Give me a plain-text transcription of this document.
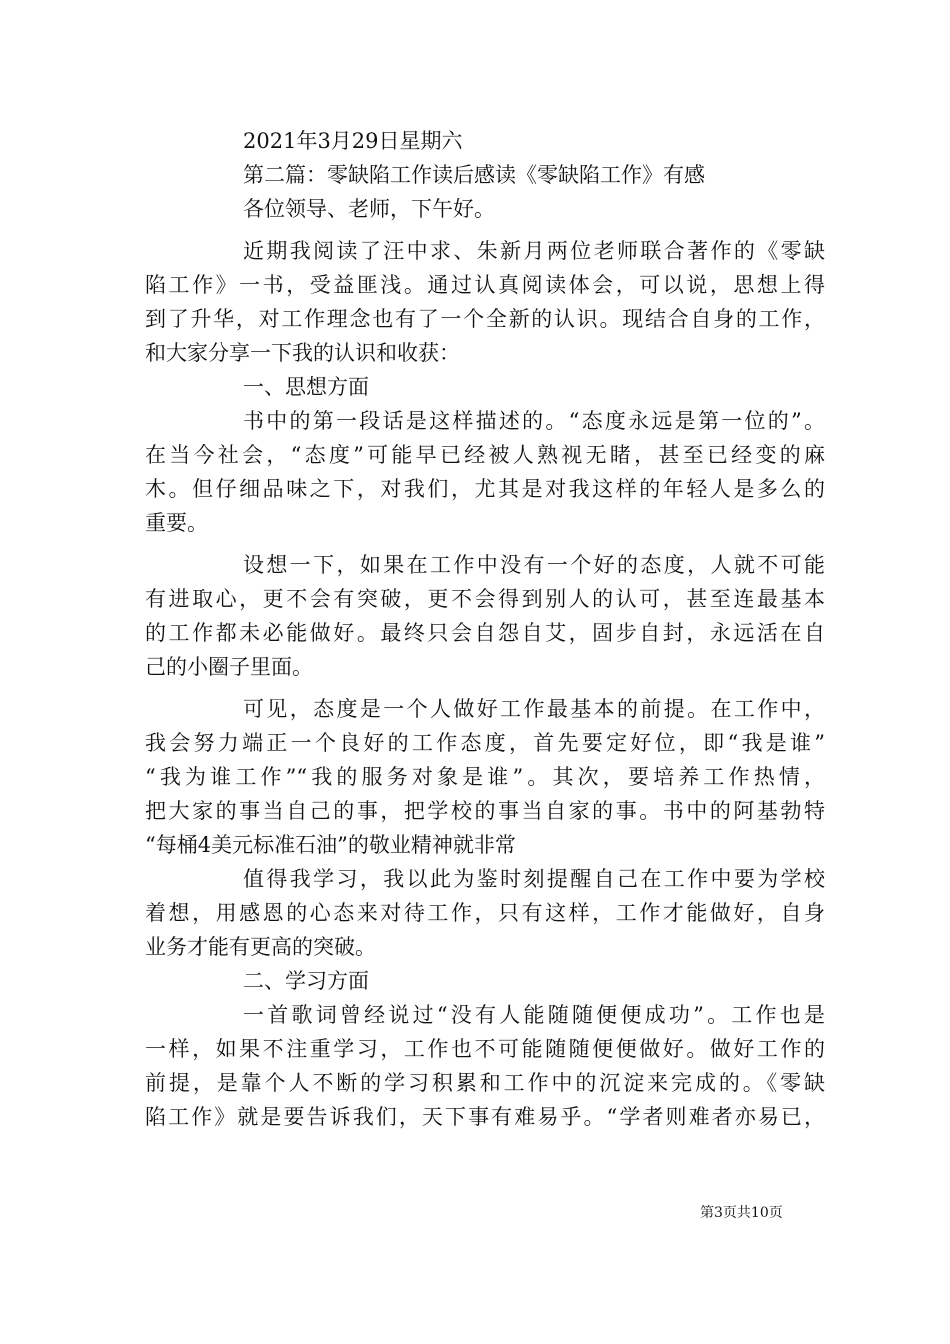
2021年3月29日星期六
第二篇：零缺陷工作读后感读《零缺陷工作》有感
各位领导、老师，下午好。
近期我阅读了汪中求、朱新月两位老师联合著作的《零缺
陷工作》一书，受益匪浅。通过认真阅读体会，可以说，思想上得
到了升华，对工作理念也有了一个全新的认识。现结合自身的工作，
和大家分享一下我的认识和收获：
一、思想方面
书中的第一段话是这样描述的。“态度永远是第一位的”。
在当今社会，“态度”可能早已经被人熟视无睹，甚至已经变的麻
木。但仔细品味之下，对我们，尤其是对我这样的年轻人是多么的
重要。
设想一下，如果在工作中没有一个好的态度，人就不可能
有进取心，更不会有突破，更不会得到别人的认可，甚至连最基本
的工作都未必能做好。最终只会自怨自艾，固步自封，永远活在自
己的小圈子里面。
可见，态度是一个人做好工作最基本的前提。在工作中，
我会努力端正一个良好的工作态度，首先要定好位，即“我是谁”
“我为谁工作”“我的服务对象是谁”。其次，要培养工作热情，
把大家的事当自己的事，把学校的事当自家的事。书中的阿基勃特
“每桶4美元标准石油”的敬业精神就非常
值得我学习，我以此为鉴时刻提醒自己在工作中要为学校
着想，用感恩的心态来对待工作，只有这样，工作才能做好，自身
业务才能有更高的突破。
二、学习方面
一首歌词曾经说过“没有人能随随便便成功”。工作也是
一样，如果不注重学习，工作也不可能随随便便做好。做好工作的
前提，是靠个人不断的学习积累和工作中的沉淀来完成的。《零缺
陷工作》就是要告诉我们，天下事有难易乎。“学者则难者亦易已，
第3页共10页
